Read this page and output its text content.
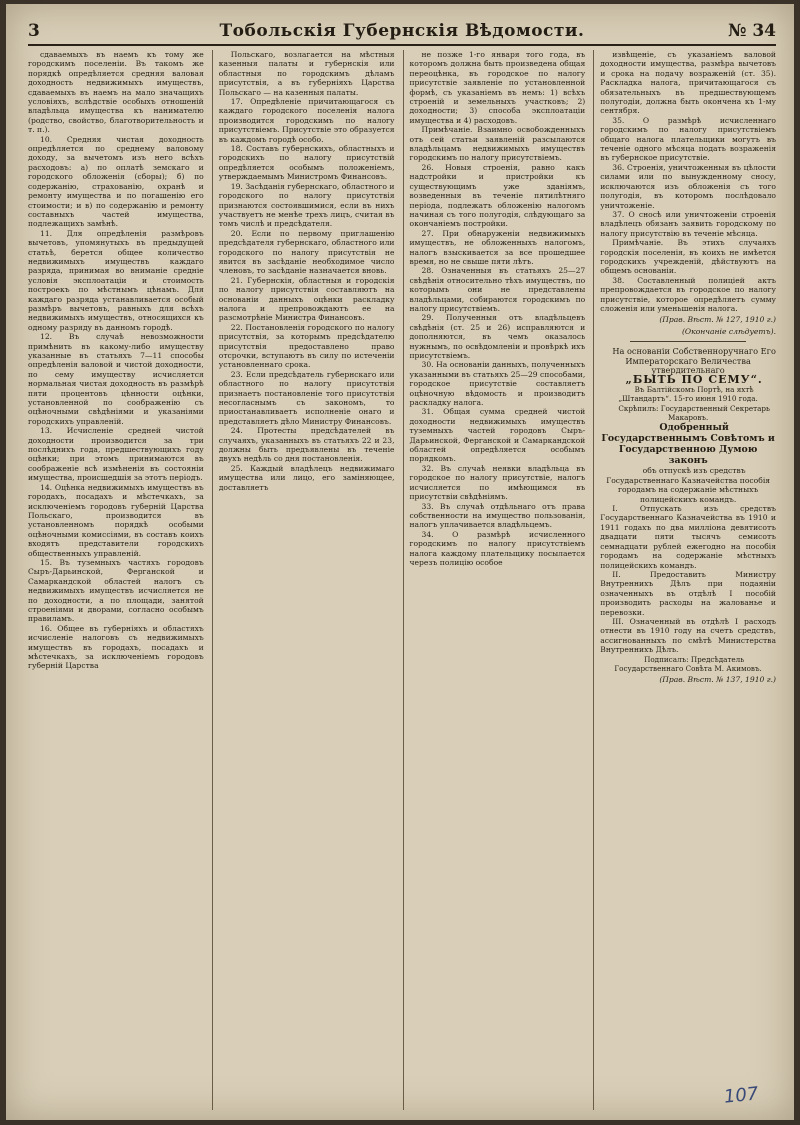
3	Тобольскія Губернскія Вѣдомости.	№ 34

сдаваемыхъ въ наемъ къ тому же городскимъ поселеніи. Въ такомъ же порядкѣ опредѣляется средняя валовая доходность недвижимыхъ имуществъ, сдаваемыхъ въ наемъ на мало значащихъ условіяхъ, вслѣдствіе особыхъ отношеній владѣльца имущества къ нанимателю (родство, свойство, благотворительность и т. п.).

10. Средняя чистая доходность опредѣляется по среднему валовому доходу, за вычетомъ изъ него всѣхъ расходовъ: а) по оплатѣ земскаго и городского обложенія (сборы); б) по содержанію, страхованію, охранѣ и ремонту имущества и по погашенію его стоимости; и в) по содержанію и ремонту составныхъ частей имущества, подлежащихъ замѣнѣ.

11. Для опредѣленія размѣровъ вычетовъ, упомянутыхъ въ предыдущей статьѣ, берется общее количество недвижимыхъ имуществъ каждаго разряда, принимая во вниманіе средніе условія эксплоатаціи и стоимость построекъ по мѣстнымъ цѣнамъ. Для каждаго разряда устанавливается особый размѣръ вычетовъ, равныхъ для всѣхъ недвижимыхъ имуществъ, относящихся къ одному разряду въ данномъ городѣ.

12. Въ случаѣ невозможности примѣнить въ какому-либо имуществу указанные въ статьяхъ 7—11 способы опредѣленія валовой и чистой доходности, по сему имуществу исчисляется нормальная чистая доходность въ размѣрѣ пяти процентовъ цѣнности оцѣнки, установленной по соображенію съ оцѣночными свѣдѣніями и указаніями городскихъ управленій.

13. Исчисленіе средней чистой доходности производится за три послѣднихъ года, предшествующихъ году оцѣнки; при этомъ принимаются въ соображеніе всѣ измѣненія въ состояніи имущества, происшедшія за этотъ періодъ.

14. Оцѣнка недвижимыхъ имуществъ въ городахъ, посадахъ и мѣстечкахъ, за исключеніемъ городовъ губерній Царства Польскаго, производится въ установленномъ порядкѣ особыми оцѣночными комиссіями, въ составъ коихъ входятъ представители городскихъ общественныхъ управленій.

15. Въ туземныхъ частяхъ городовъ Сыръ-Дарьинской, Ферганской и Самаркандской областей налогъ съ недвижимыхъ имуществъ исчисляется не по доходности, а по площади, занятой строеніями и дворами, согласно особымъ правиламъ.

16. Общее въ губерніяхъ и областяхъ исчисленіе налоговъ съ недвижимыхъ имуществъ въ городахъ, посадахъ и мѣстечкахъ, за исключеніемъ городовъ губерній Царства

Польскаго, возлагается на мѣстныя казенныя палаты и губернскія или областныя по городскимъ дѣламъ присутствія, а въ губерніяхъ Царства Польскаго — на казенныя палаты.

17. Опредѣленіе причитающагося съ каждаго городского поселенія налога производится городскимъ по налогу присутствіемъ. Присутствіе это образуется въ каждомъ городѣ особо.

18. Составъ губернскихъ, областныхъ и городскихъ по налогу присутствій опредѣляется особымъ положеніемъ, утверждаемымъ Министромъ Финансовъ.

19. Засѣданія губернскаго, областного и городского по налогу присутствія признаются состоявшимися, если въ нихъ участвуетъ не менѣе трехъ лицъ, считая въ томъ числѣ и предсѣдателя.

20. Если по первому приглашенію предсѣдателя губернскаго, областного или городского по налогу присутствія не явится въ засѣданіе необходимое число членовъ, то засѣданіе назначается вновь.

21. Губернскія, областныя и городскія по налогу присутствія составляютъ на основаніи данныхъ оцѣнки раскладку налога и препровождаютъ ее на разсмотрѣніе Министра Финансовъ.

22. Постановленія городского по налогу присутствія, за которымъ предсѣдателю присутствія предоставлено право отсрочки, вступаютъ въ силу по истеченіи установленнаго срока.

23. Если предсѣдатель губернскаго или областного по налогу присутствія признаетъ постановленіе того присутствія несогласнымъ съ закономъ, то приостанавливаетъ исполненіе онаго и представляетъ дѣло Министру Финансовъ.

24. Протесты предсѣдателей въ случаяхъ, указанныхъ въ статьяхъ 22 и 23, должны быть предъявлены въ теченіе двухъ недѣль со дня постановленія.

25. Каждый владѣлецъ недвижимаго имущества или лицо, его заміняющее, доставляетъ

не позже 1-го января того года, въ которомъ должна быть произведена общая переоцѣнка, въ городское по налогу присутствіе заявленіе по установленной формѣ, съ указаніемъ въ немъ: 1) всѣхъ строеній и земельныхъ участковъ; 2) доходности; 3) способа эксплоатаціи имущества и 4) расходовъ.

Примѣчаніе. Взаимно освобожденныхъ отъ сей статьи заявленій разсылаются владѣльцамъ недвижимыхъ имуществъ городскимъ по налогу присутствіемъ.

26. Новыя строенія, равно какъ надстройки и пристройки къ существующимъ уже зданіямъ, возведенныя въ теченіе пятилѣтняго періода, подлежатъ обложенію налогомъ начиная съ того полугодія, слѣдующаго за окончаніемъ постройки.

27. При обнаруженіи недвижимыхъ имуществъ, не обложенныхъ налогомъ, налогъ взыскивается за все прошедшее время, но не свыше пяти лѣтъ.

28. Означенныя въ статьяхъ 25—27 свѣдѣнія относительно тѣхъ имуществъ, по которымъ они не представлены владѣльцами, собираются городскимъ по налогу присутствіемъ.

29. Полученныя отъ владѣльцевъ свѣдѣнія (ст. 25 и 26) исправляются и дополняются, въ чемъ оказалось нужнымъ, по освѣдомленіи и провѣркѣ ихъ присутствіемъ.

30. На основаніи данныхъ, полученныхъ указанными въ статьяхъ 25—29 способами, городское присутствіе составляетъ оцѣночную вѣдомость и производитъ раскладку налога.

31. Общая сумма средней чистой доходности недвижимыхъ имуществъ туземныхъ частей городовъ Сыръ-Дарьинской, Ферганской и Самаркандской областей опредѣляется особымъ порядкомъ.

32. Въ случаѣ неявки владѣльца въ городское по налогу присутствіе, налогъ исчисляется по имѣющимся въ присутствіи свѣдѣніямъ.

33. Въ случаѣ отдѣльнаго отъ права собственности на имущество пользованія, налогъ уплачивается владѣльцемъ.

34. О размѣрѣ исчисленного городскимъ по налогу присутствіемъ налога каждому плательщику посылается черезъ полицію особое

извѣщеніе, съ указаніемъ валовой доходности имущества, размѣра вычетовъ и срока на подачу возраженій (ст. 35). Раскладка налога, причитающагося съ обязательныхъ въ предшествующемъ полугодіи, должна быть окончена къ 1-му сентября.

35. О размѣрѣ исчисленнаго городскимъ по налогу присутствіемъ общаго налога плательщики могутъ въ теченіе одного мѣсяца подать возраженія въ губернское присутствіе.

36. Строенія, уничтоженныя въ цѣлости силами или по вынужденному сносу, исключаются изъ обложенія съ того полугодія, въ которомъ послѣдовало уничтоженіе.

37. О сносѣ или уничтоженіи строенія владѣлецъ обязанъ заявить городскому по налогу присутствію въ теченіе мѣсяца.

Примѣчаніе. Въ этихъ случаяхъ городскія поселенія, въ коихъ не имѣется городскихъ учрежденій, дѣйствуютъ на общемъ основаніи.

38. Составленный полиціей актъ препровождается въ городское по налогу присутствіе, которое опредѣляетъ сумму сложенія или уменьшенія налога.

(Прав. Вѣст. № 127, 1910 г.)

(Окончаніе слѣдуетъ).

На основаніи Собственноручнаго Его Императорскаго Величества утвердительнаго

„БЫТЬ ПО СЕМУ“.

Въ Балтійскомъ Портѣ, на яхтѣ „Штандартъ“. 15-го июня 1910 года.

Скрѣпилъ: Государственный Секретарь Макаровъ.

Одобренный Государственнымъ Совѣтомъ и Государственною Думою законъ

объ отпускѣ изъ средствъ Государственнаго Казначейства пособія городамъ на содержаніе мѣстныхъ полицейскихъ командъ.

I. Отпускать изъ средствъ Государственнаго Казначейства въ 1910 и 1911 годахъ по два милліона девятисотъ двадцати пяти тысячъ семисотъ семнадцати рублей ежегодно на пособія городамъ на содержаніе мѣстныхъ полицейскихъ командъ.

II. Предоставить Министру Внутреннихъ Дѣлъ при подаяніи означенныхъ въ отдѣлѣ I пособій производить расходы на жалованье и перевозки.

III. Означенный въ отдѣлѣ I расходъ отнести въ 1910 году на счетъ средствъ, ассигнованныхъ по смѣтѣ Министерства Внутреннихъ Дѣлъ.

Подписалъ: Предсѣдатель Государственнаго Совѣта М. Акимовъ.

(Прав. Вѣст. № 137, 1910 г.)

107
